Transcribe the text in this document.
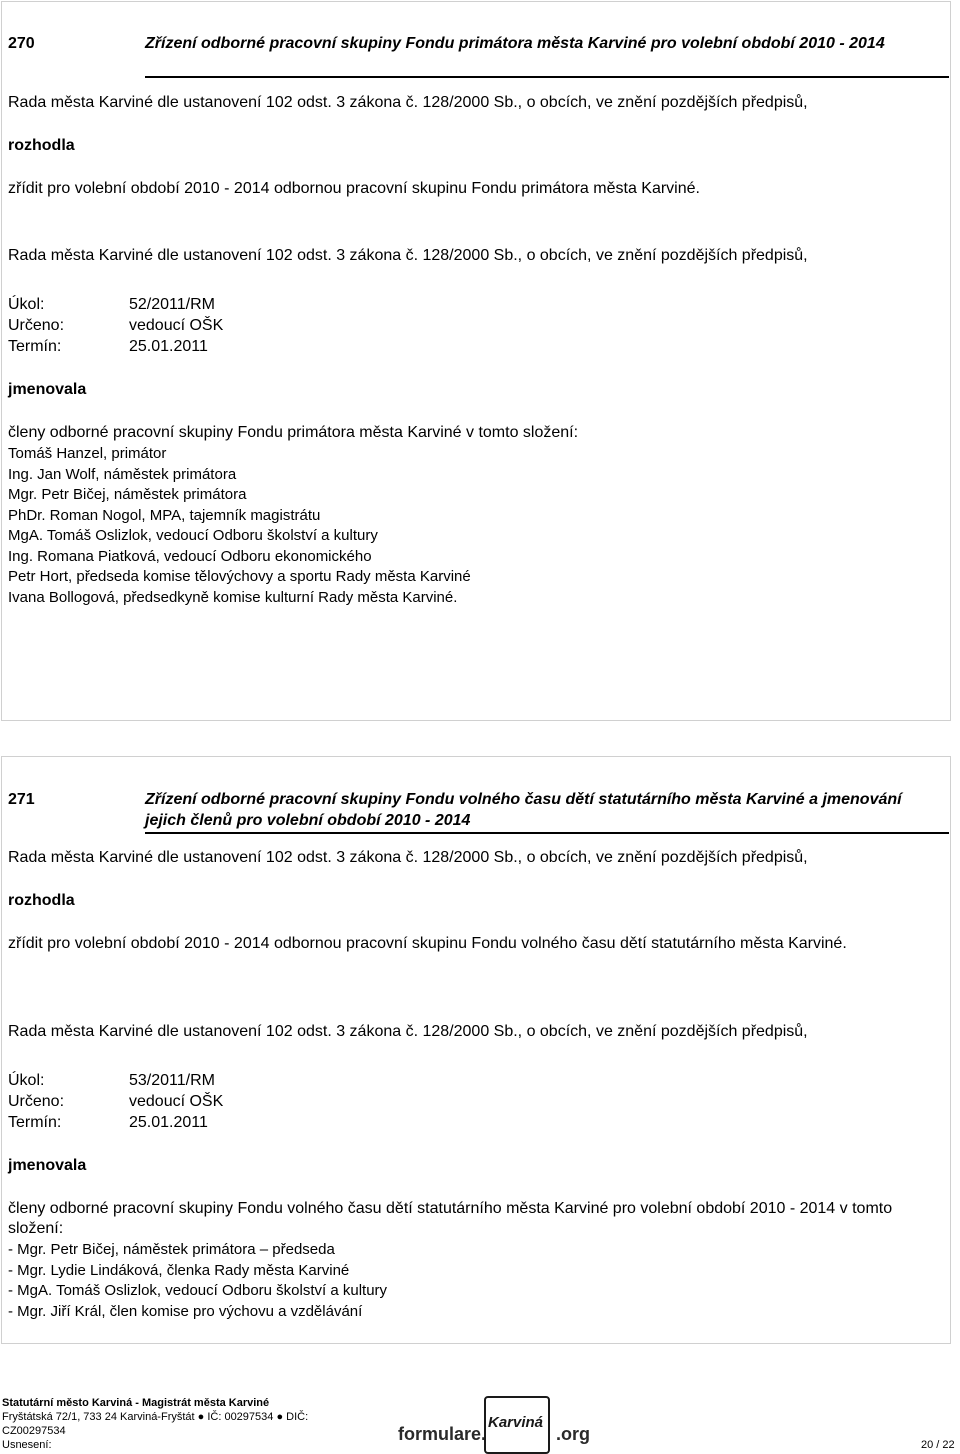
270	Zřízení odborné pracovní skupiny Fondu primátora města Karviné pro volební období 2010 - 2014
Rada města Karviné dle ustanovení 102 odst. 3 zákona č. 128/2000 Sb., o obcích, ve znění pozdějších předpisů,
rozhodla
zřídit pro volební období 2010 - 2014 odbornou pracovní skupinu Fondu primátora města Karviné.
Rada města Karviné dle ustanovení 102 odst. 3 zákona č. 128/2000 Sb., o obcích, ve znění pozdějších předpisů,
Úkol:	52/2011/RM
Určeno:	vedoucí OŠK
Termín:	25.01.2011
jmenovala
členy odborné pracovní skupiny Fondu primátora města Karviné v tomto složení:
Tomáš Hanzel, primátor
Ing. Jan Wolf, náměstek primátora
Mgr. Petr Bičej, náměstek primátora
PhDr. Roman Nogol, MPA, tajemník magistrátu
MgA. Tomáš Oslizlok, vedoucí Odboru školství a kultury
Ing. Romana Piatková, vedoucí Odboru ekonomického
Petr Hort, předseda komise tělovýchovy a sportu Rady města Karviné
Ivana Bollogová, předsedkyně komise kulturní Rady města Karviné.
271	Zřízení odborné pracovní skupiny Fondu volného času dětí statutárního města Karviné a jmenování jejich členů pro volební období 2010 - 2014
Rada města Karviné dle ustanovení 102 odst. 3 zákona č. 128/2000 Sb., o obcích, ve znění pozdějších předpisů,
rozhodla
zřídit pro volební období 2010 - 2014 odbornou pracovní skupinu Fondu volného času dětí statutárního města Karviné.
Rada města Karviné dle ustanovení 102 odst. 3 zákona č. 128/2000 Sb., o obcích, ve znění pozdějších předpisů,
Úkol:	53/2011/RM
Určeno:	vedoucí OŠK
Termín:	25.01.2011
jmenovala
členy odborné pracovní skupiny Fondu volného času dětí statutárního města Karviné pro volební období 2010 - 2014 v tomto složení:
- Mgr. Petr Bičej, náměstek primátora – předseda
- Mgr. Lydie Lindáková, členka Rady města Karviné
- MgA. Tomáš Oslizlok, vedoucí Odboru školství a kultury
- Mgr. Jiří Král, člen komise pro výchovu a vzdělávání
Statutární město Karviná - Magistrát města Karviné
Fryštátská 72/1, 733 24 Karviná-Fryštát ● IČ: 00297534 ● DIČ:
CZ00297534
Usnesení:
formulare.
Karviná
.org
20 / 22
